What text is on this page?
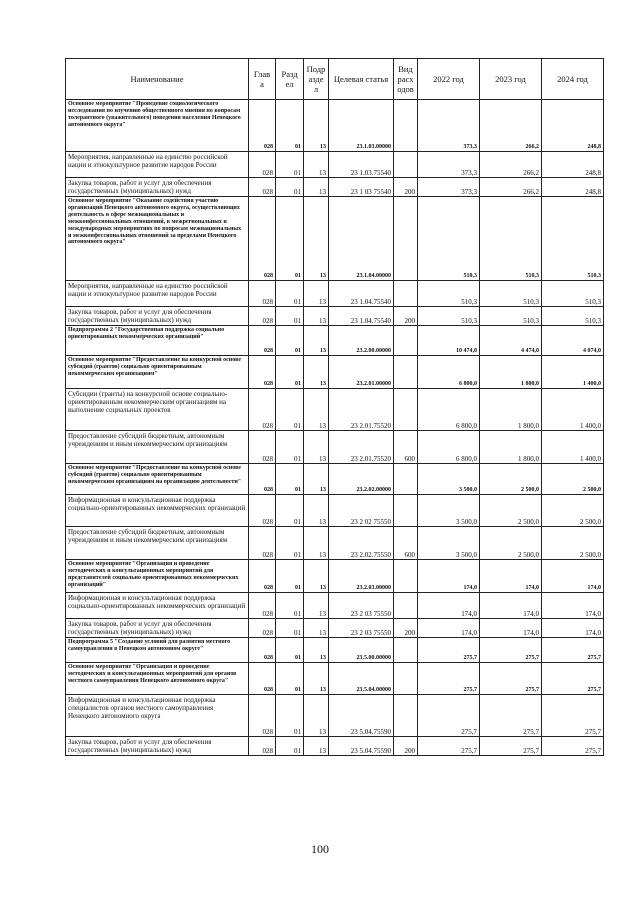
Наименование	Глав а	Разд ел	Подр азде л	Целевая статья	Вид расх одов	2022 год	2023 год	2024 год
Основное мероприятие "Проведение социологического исследования по изучению общественного мнения по вопросам толерантного (уважительного) поведения населения Ненецкого автономного округа"	028	01	13	23.1.03.00000		373,3	266,2	248,8
Мероприятия, направленные на единство российской нации и этнокультурное развитие народов России	028	01	13	23 1.03.75540		373,3	266,2	248,8
Закупка товаров, работ и услуг для обеспечения государственных (муниципальных) нужд	028	01	13	23 1 03 75540	200	373,3	266,2	248,8
Основное мероприятие "Оказание содействия участию организаций Ненецкого автономного округа, осуществляющих деятельность в сфере межнациональных и межконфессиональных отношений, в межрегиональных и международных мероприятиях по вопросам межнациональных и межконфессиональных отношений за пределами Ненецкого автономного округа"	028	01	13	23.1.04.00000		510,3	510,3	510,3
Мероприятия, направленные на единство российской нации и этнокультурное развитие народов России	028	01	13	23 1.04.75540		510,3	510,3	510,3
Закупка товаров, работ и услуг для обеспечения государственных (муниципальных) нужд	028	01	13	23 1.04.75540	200	510,3	510,3	510,3
Подпрограмма 2 "Государственная поддержка социально ориентированных некоммерческих организаций"	028	01	13	23.2.00.00000		10 474,0	4 474,0	4 074,0
Основное мероприятие "Предоставление на конкурсной основе субсидий (грантов) социально ориентированным некоммерческим организациям"	028	01	13	23.2.01.00000		6 800,0	1 800,0	1 400,0
Субсидии (гранты) на конкурсной основе социально-ориентированным некоммерческим организациям на выполнение социальных проектов	028	01	13	23 2.01.75520		6 800,0	1 800,0	1 400,0
Предоставление субсидий бюджетным, автономным учреждениям и иным некоммерческим организациям	028	01	13	23 2.01.75520	600	6 800,0	1 800,0	1 400,0
Основное мероприятие "Предоставление на конкурсной основе субсидий (грантов) социально ориентированным некоммерческим организациям на организацию деятельности"	028	01	13	23.2.02.00000		3 500,0	2 500,0	2 500,0
Информационная и консультационная поддержка социально-ориентированных некоммерческих организаций	028	01	13	23 2 02 75550		3 500,0	2 500,0	2 500,0
Предоставление субсидий бюджетным, автономным учреждениям и иным некоммерческим организациям	028	01	13	23 2.02.75550	600	3 500,0	2 500,0	2 500,0
Основное мероприятие "Организация и проведение методических и консультационных мероприятий для представителей социально ориентированных некоммерческих организаций"	028	01	13	23.2.03.00000		174,0	174,0	174,0
Информационная и консультационная поддержка социально-ориентированных некоммерческих организаций	028	01	13	23 2 03 75550		174,0	174,0	174,0
Закупка товаров, работ и услуг для обеспечения государственных (муниципальных) нужд	028	01	13	23 2 03 75550	200	174,0	174,0	174,0
Подпрограмма 5 "Создание условий для развития местного самоуправления в Ненецком автономном округе"	028	01	13	23.5.00.00000		275,7	275,7	275,7
Основное мероприятие "Организация и проведение методических и консультационных мероприятий для органов местного самоуправления Ненецкого автономного округа"	028	01	13	23.5.04.00000		275,7	275,7	275,7
Информационная и консультационная поддержка специалистов органов местного самоуправления Ненецкого автономного округа	028	01	13	23 5.04.75590		275,7	275,7	275,7
Закупка товаров, работ и услуг для обеспечения государственных (муниципальных) нужд	028	01	13	23 5.04.75590	200	275,7	275,7	275,7
100
